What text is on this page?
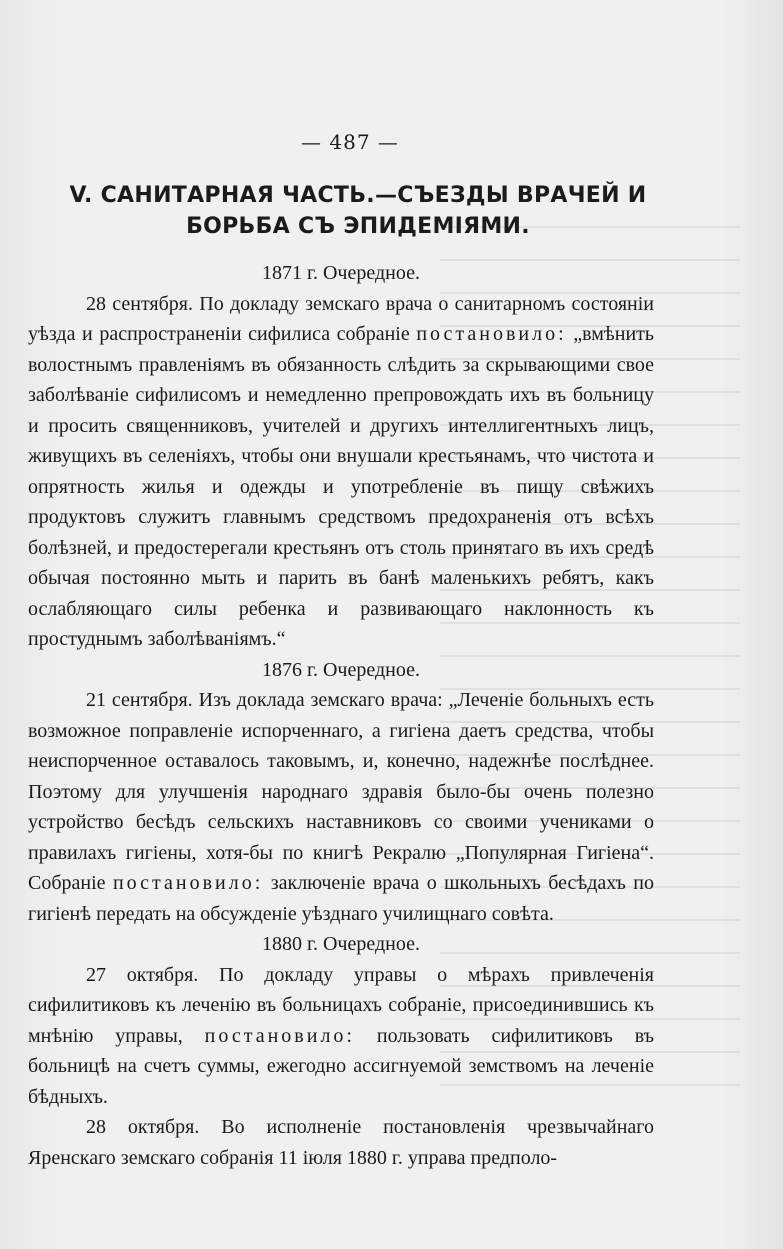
— 487 —
V. САНИТАРНАЯ ЧАСТЬ.—СЪЕЗДЫ ВРАЧЕЙ И БОРЬБА СЪ ЭПИДЕМІЯМИ.

1871 г. Очередное.

28 сентября. По докладу земскаго врача о санитарномъ состояніи уѣзда и распространеніи сифилиса собраніе постановило: „вмѣнить волостнымъ правленіямъ въ обязанность слѣдить за скрывающими свое заболѣваніе сифилисомъ и немедленно препровождать ихъ въ больницу и просить священниковъ, учителей и другихъ интеллигентныхъ лицъ, живущихъ въ селеніяхъ, чтобы они внушали крестьянамъ, что чистота и опрятность жилья и одежды и употребленіе въ пищу свѣжихъ продуктовъ служитъ главнымъ средствомъ предохраненія отъ всѣхъ болѣзней, и предостерегали крестьянъ отъ столь принятаго въ ихъ средѣ обычая постоянно мыть и парить въ банѣ маленькихъ ребятъ, какъ ослабляющаго силы ребенка и развивающаго наклонность къ простуднымъ заболѣваніямъ.“

1876 г. Очередное.

21 сентября. Изъ доклада земскаго врача: „Леченіе больныхъ есть возможное поправленіе испорченнаго, а гигіена даетъ средства, чтобы неиспорченное оставалось таковымъ, и, конечно, надежнѣе послѣднее. Поэтому для улучшенія народнаго здравія было-бы очень полезно устройство бесѣдъ сельскихъ наставниковъ со своими учениками о правилахъ гигіены, хотя-бы по книгѣ Рекралю „Популярная Гигіена“. Собраніе постановило: заключеніе врача о школьныхъ бесѣдахъ по гигіенѣ передать на обсужденіе уѣзднаго училищнаго совѣта.

1880 г. Очередное.

27 октября. По докладу управы о мѣрахъ привлеченія сифилитиковъ къ леченію въ больницахъ собраніе, присоединившись къ мнѣнію управы, постановило: пользовать сифилитиковъ въ больницѣ на счетъ суммы, ежегодно ассигнуемой земствомъ на леченіе бѣдныхъ.

28 октября. Во исполненіе постановленія чрезвычайнаго Яренскаго земскаго собранія 11 іюля 1880 г. управа предполо-
